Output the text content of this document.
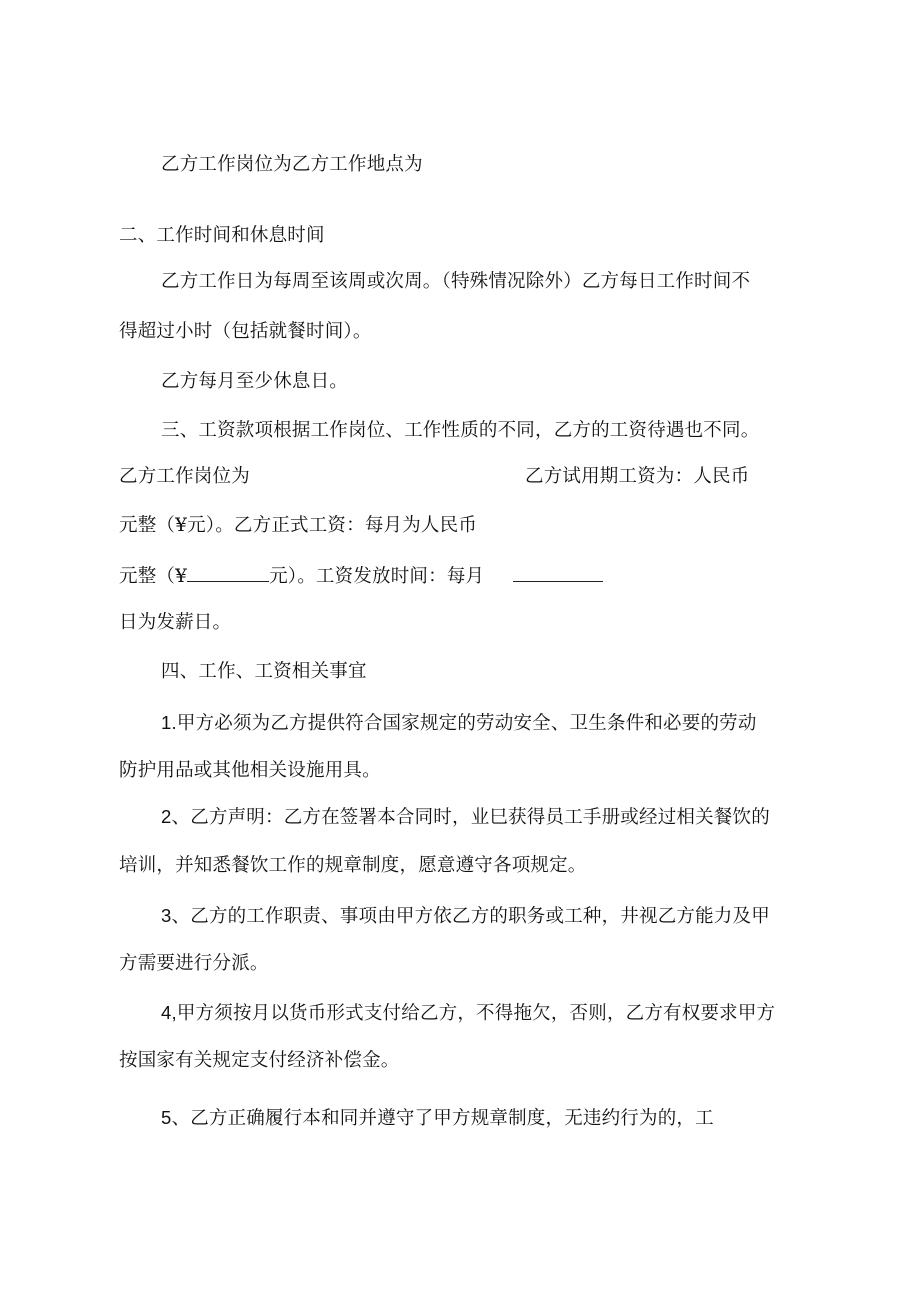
乙方工作岗位为乙方工作地点为
二、工作时间和休息时间
乙方工作日为每周至该周或次周。（特殊情况除外）乙方每日工作时间不
得超过小时（包括就餐时间）。
乙方每月至少休息日。
三、工资款项根据工作岗位、工作性质的不同，乙方的工资待遇也不同。
乙方工作岗位为	乙方试用期工资为：人民币
元整（¥元）。乙方正式工资：每月为人民币
元整（¥	元）。工资发放时间：每月
日为发薪日。
四、工作、工资相关事宜
1.甲方必须为乙方提供符合国家规定的劳动安全、卫生条件和必要的劳动
防护用品或其他相关设施用具。
2、乙方声明：乙方在签署本合同时，业巳获得员工手册或经过相关餐饮的
培训，并知悉餐饮工作的规章制度，愿意遵守各项规定。
3、乙方的工作职责、事项由甲方依乙方的职务或工种，井视乙方能力及甲
方需要进行分派。
4,甲方须按月以货币形式支付给乙方，不得拖欠，否则，乙方有权要求甲方
按国家有关规定支付经济补偿金。
5、乙方正确履行本和同并遵守了甲方规章制度，无违约行为的，工
